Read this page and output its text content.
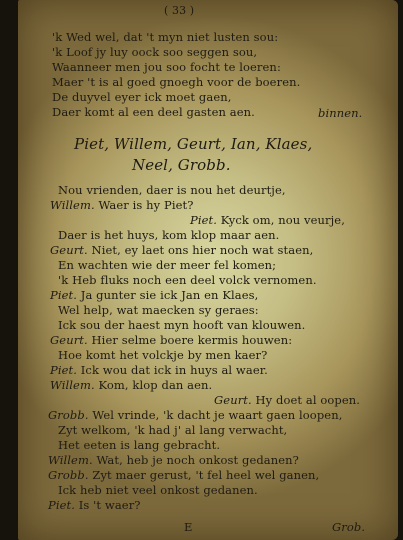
( 33 )
'k Wed wel, dat 't myn niet lusten sou:
'k Loof jy luy oock soo seggen sou,
Waanneer men jou soo focht te loeren:
Maer 't is al goed gnoegh voor de boeren.
De duyvel eyer ick moet gaen,
Daer komt al een deel gasten aen.	binnen.
Piet, Willem, Geurt, Ian, Klaes,
Neel, Grobb.
Nou vrienden, daer is nou het deurtje,
Willem. Waer is hy Piet?
Piet. Kyck om, nou veurje,
Daer is het huys, kom klop maar aen.
Geurt. Niet, ey laet ons hier noch wat staen,
En wachten wie der meer fel komen;
'k Heb fluks noch een deel volck vernomen.
Piet. Ja gunter sie ick Jan en Klaes,
Wel help, wat maecken sy geraes:
Ick sou der haest myn hooft van klouwen.
Geurt. Hier selme boere kermis houwen:
Hoe komt het volckje by men kaer?
Piet. Ick wou dat ick in huys al waer.
Willem. Kom, klop dan aen.
Geurt. Hy doet al oopen.
Grobb. Wel vrinde, 'k dacht je waart gaen loopen,
Zyt welkom, 'k had j' al lang verwacht,
Het eeten is lang gebracht.
Willem. Wat, heb je noch onkost gedanen?
Grobb. Zyt maer gerust, 't fel heel wel ganen,
Ick heb niet veel onkost gedanen.
Piet. Is 't waer?
E	Grob.
